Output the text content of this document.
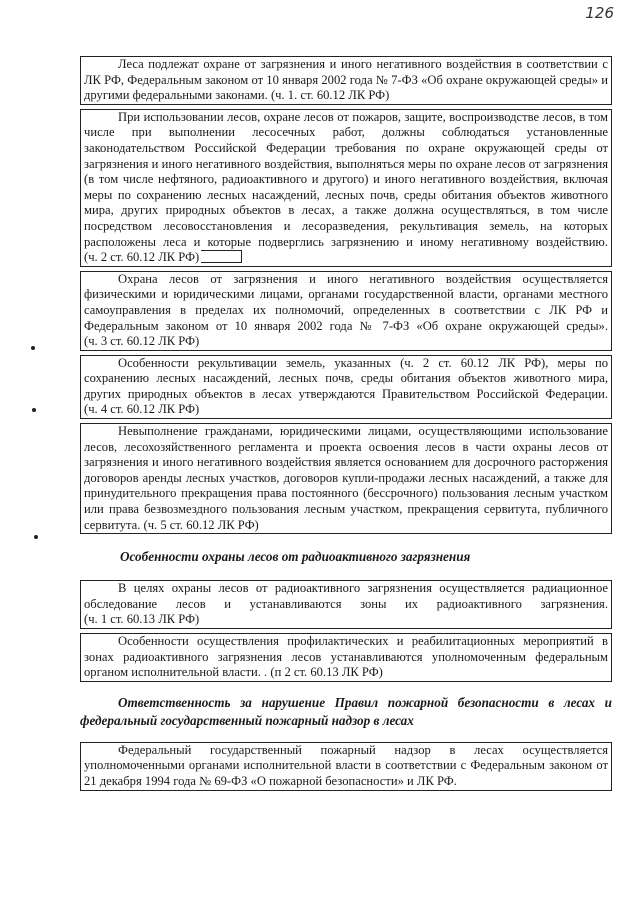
126

Леса подлежат охране от загрязнения и иного негативного воздействия в соответствии с ЛК РФ, Федеральным законом от 10 января 2002 года № 7-ФЗ «Об охране окружающей среды» и другими федеральными законами. (ч. 1. ст. 60.12 ЛК РФ)

При использовании лесов, охране лесов от пожаров, защите, воспроизводстве лесов, в том числе при выполнении лесосечных работ, должны соблюдаться установленные законодательством Российской Федерации требования по охране окружающей среды от загрязнения и иного негативного воздействия, выполняться меры по охране лесов от загрязнения (в том числе нефтяного, радиоактивного и другого) и иного негативного воздействия, включая меры по сохранению лесных насаждений, лесных почв, среды обитания объектов животного мира, других природных объектов в лесах, а также должна осуществляться, в том числе посредством лесовосстановления и лесоразведения, рекультивация земель, на которых расположены леса и которые подверглись загрязнению и иному негативному воздействию. (ч. 2 ст. 60.12 ЛК РФ)

Охрана лесов от загрязнения и иного негативного воздействия осуществляется физическими и юридическими лицами, органами государственной власти, органами местного самоуправления в пределах их полномочий, определенных в соответствии с ЛК РФ и Федеральным законом от 10 января 2002 года № 7-ФЗ «Об охране окружающей среды». (ч. 3 ст. 60.12 ЛК РФ)

Особенности рекультивации земель, указанных (ч. 2 ст. 60.12 ЛК РФ), меры по сохранению лесных насаждений, лесных почв, среды обитания объектов животного мира, других природных объектов в лесах утверждаются Правительством Российской Федерации. (ч. 4 ст. 60.12 ЛК РФ)

Невыполнение гражданами, юридическими лицами, осуществляющими использование лесов, лесохозяйственного регламента и проекта освоения лесов в части охраны лесов от загрязнения и иного негативного воздействия является основанием для досрочного расторжения договоров аренды лесных участков, договоров купли-продажи лесных насаждений, а также для принудительного прекращения права постоянного (бессрочного) пользования лесным участком или права безвозмездного пользования лесным участком, прекращения сервитута, публичного сервитута. (ч. 5 ст. 60.12 ЛК РФ)

Особенности охраны лесов от радиоактивного загрязнения

В целях охраны лесов от радиоактивного загрязнения осуществляется радиационное обследование лесов и устанавливаются зоны их радиоактивного загрязнения. (ч. 1 ст. 60.13 ЛК РФ)

Особенности осуществления профилактических и реабилитационных мероприятий в зонах радиоактивного загрязнения лесов устанавливаются уполномоченным федеральным органом исполнительной власти. . (п 2 ст. 60.13 ЛК РФ)

Ответственность за нарушение Правил пожарной безопасности в лесах и федеральный государственный пожарный надзор в лесах

Федеральный государственный пожарный надзор в лесах осуществляется уполномоченными органами исполнительной власти в соответствии с Федеральным законом от 21 декабря 1994 года № 69-ФЗ «О пожарной безопасности» и ЛК РФ.
